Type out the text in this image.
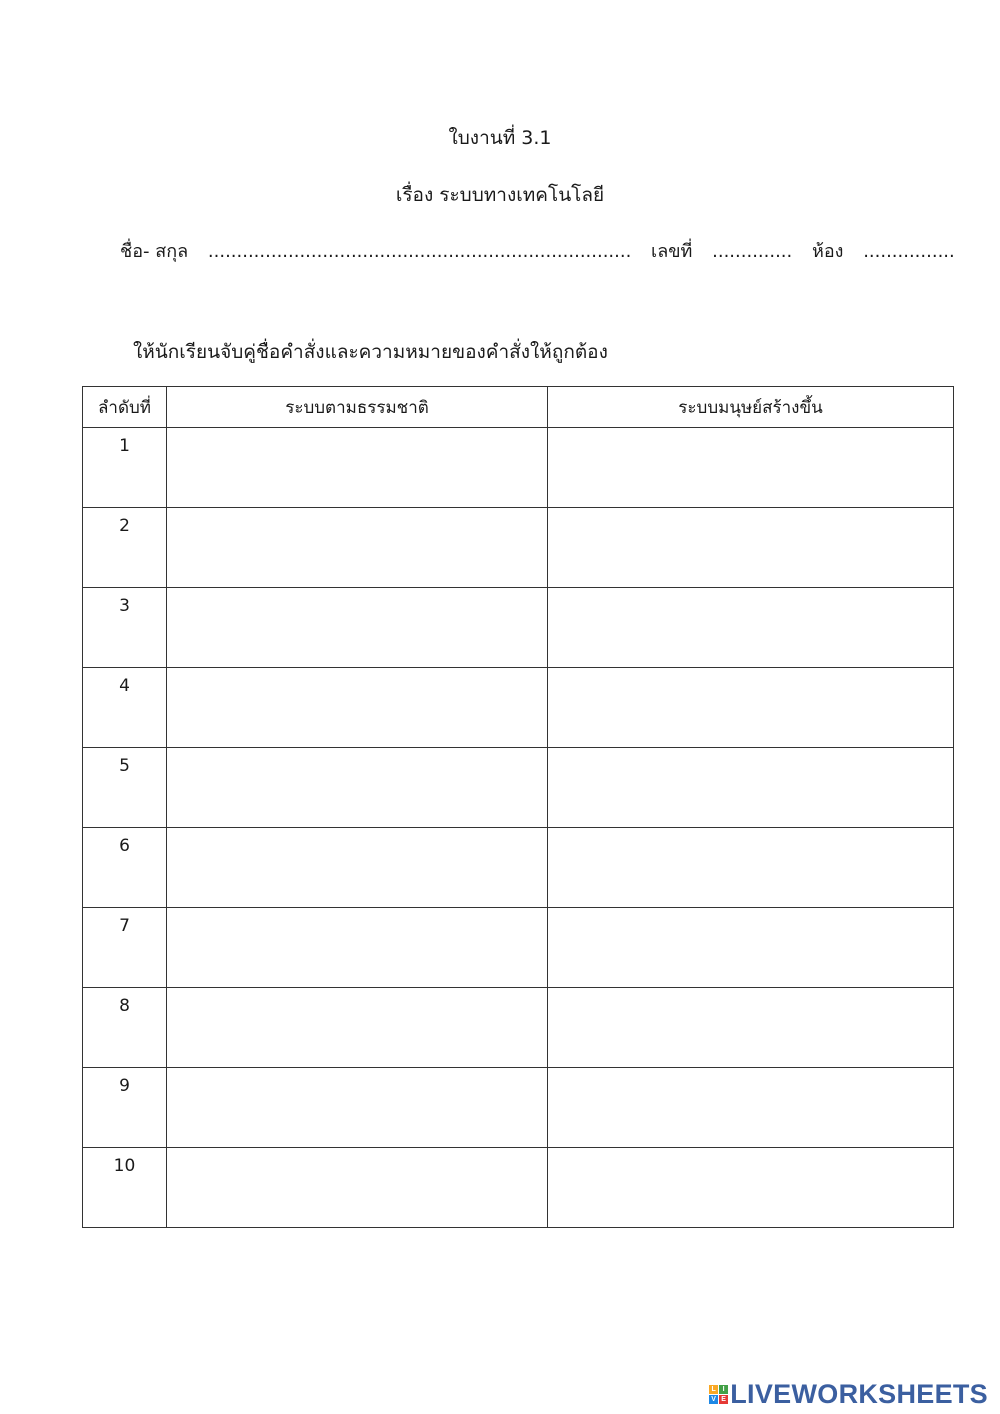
ใบงานที่ 3.1
เรื่อง ระบบทางเทคโนโลยี
ชื่อ- สกุล .......................................................................... เลขที่ .............. ห้อง ................
ให้นักเรียนจับคู่ชื่อคำสั่งและความหมายของคำสั่งให้ถูกต้อง
ลำดับที่	ระบบตามธรรมชาติ	ระบบมนุษย์สร้างขึ้น
1		
2		
3		
4		
5		
6		
7		
8		
9		
10		
L I
V E LIVEWORKSHEETS
